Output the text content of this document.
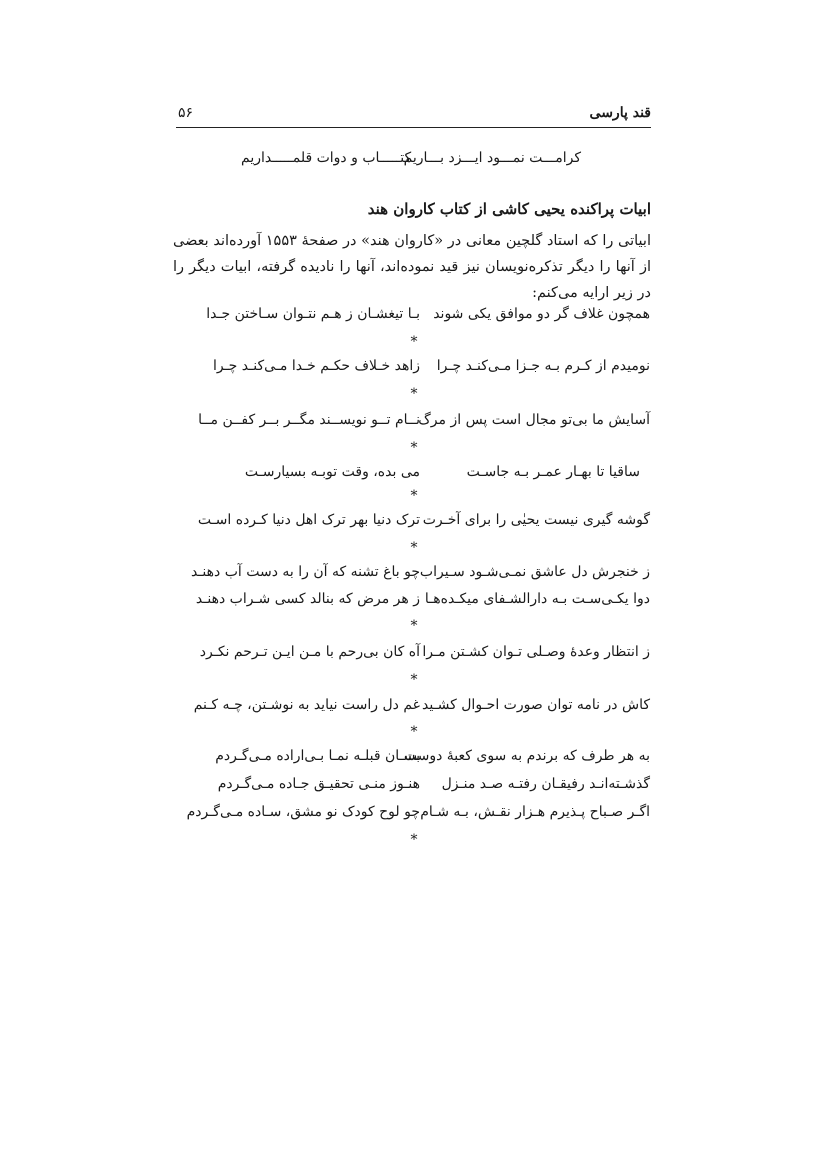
قند پارسی
۵۶
کرامـــت نمـــود ایـــزد بـــاریم
کتـــــاب و دوات قلمـــــداریم
ابیات پراکنده یحیی کاشی از کتاب کاروان هند
ابیاتی را که استاد گلچین معانی در «کاروان هند» در صفحهٔ ۱۵۵۳ آورده‌اند بعضی از آنها را دیگر تذکره‌نویسان نیز قید نموده‌اند، آنها را نادیده گرفته، ابیات دیگر را در زیر ارایه می‌کنم:
همچون غلاف گر دو موافق یکی شوند
بـا تیغشـان ز هـم نتـوان سـاختن جـدا
*
نومیدم از کـرم بـه جـزا مـی‌کنـد چـرا
زاهد خـلاف حکـم خـدا مـی‌کنـد چـرا
*
آسایش ما بی‌تو مجال است پس از مرگ
نــام تــو نویســند مگــر بــر کفــن مــا
*
ساقیا تا بهـار عمـر بـه جاسـت
می بده، وقت توبـه بسیارسـت
*
گوشه گیری نیست یحیٰی را برای آخـرت
ترک دنیا بهر ترک اهل دنیا کـرده اسـت
*
ز خنجرش دل عاشق نمـی‌شـود سـیراب
چو باغ تشنه که آن را به دست آب دهنـد
دوا یکـی‌سـت بـه دارالشـفای میکـده‌هـا
ز هر مرض که بنالد کسی شـراب دهنـد
*
ز انتظار وعدهٔ وصـلی تـوان کشـتن مـرا
آه کان بی‌رحم با مـن ایـن تـرحم نکـرد
*
کاش در نامه توان صورت احـوال کشـید
غم دل راست نیاید به نوشـتن، چـه کـنم
*
به هر طرف که برندم به سوی کعبهٔ دوست
بسـان قبلـه نمـا بـی‌اراده مـی‌گـردم
گذشـته‌انـد رفیقـان رفتـه صـد منـزل
هنـوز منـی تحقیـق جـاده مـی‌گـردم
اگـر صـباح پـذیرم هـزار نقـش، بـه شـام
چو لوح کودک نو مشق، سـاده مـی‌گـردم
*
